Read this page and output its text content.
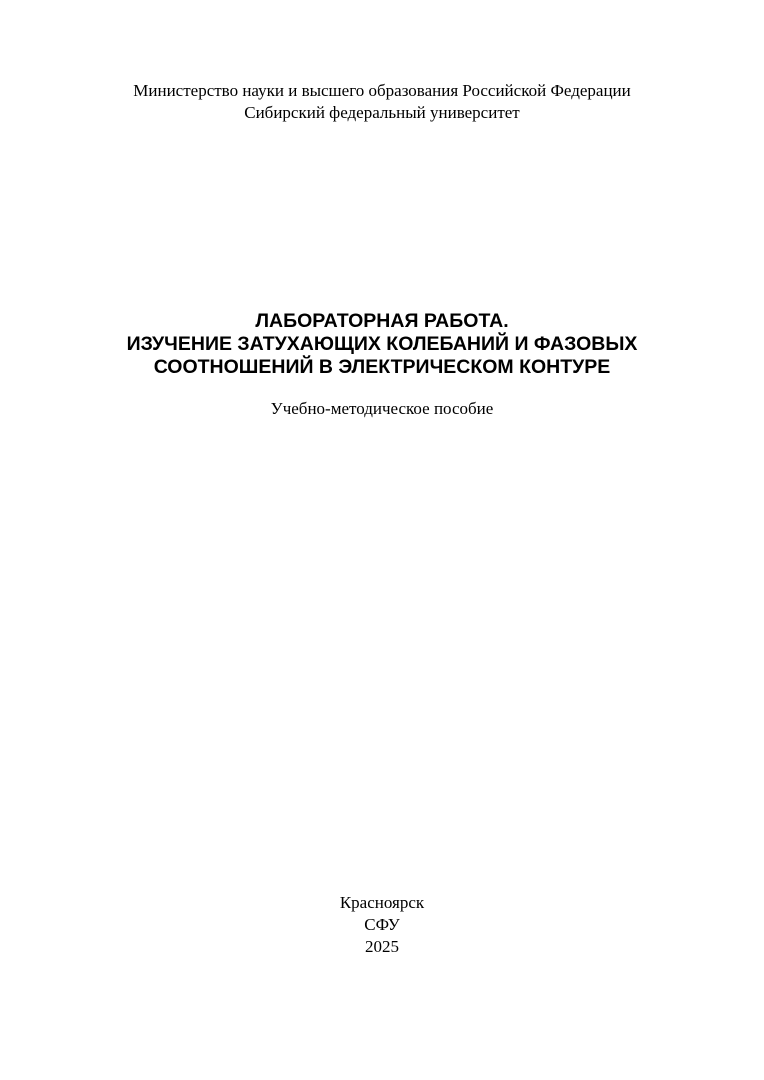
Министерство науки и высшего образования Российской Федерации
Сибирский федеральный университет
ЛАБОРАТОРНАЯ РАБОТА.
ИЗУЧЕНИЕ ЗАТУХАЮЩИХ КОЛЕБАНИЙ И ФАЗОВЫХ
СООТНОШЕНИЙ В ЭЛЕКТРИЧЕСКОМ КОНТУРЕ
Учебно-методическое пособие
Красноярск
СФУ
2025
